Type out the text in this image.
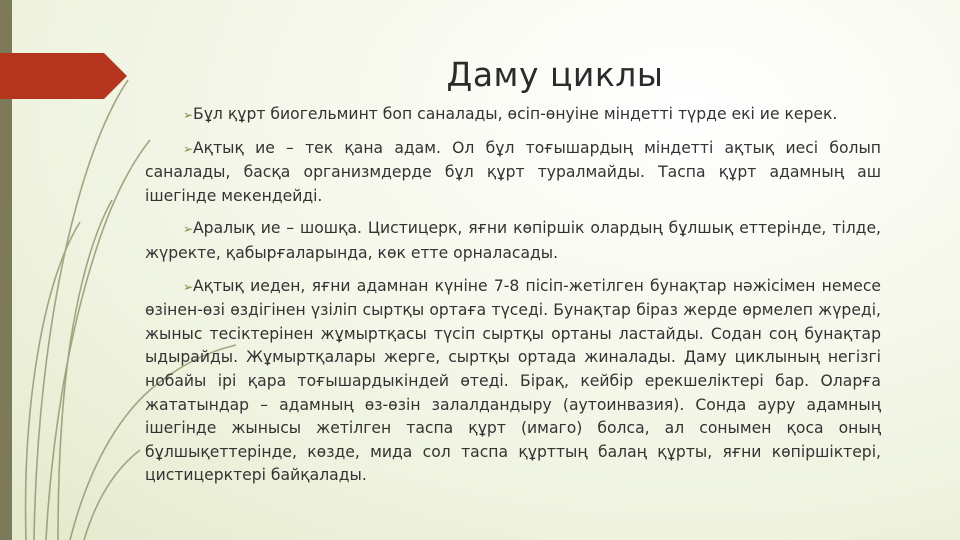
Даму циклы

➢Бұл құрт биогельминт боп саналады, өсіп-өнуіне міндетті түрде екі ие керек.

➢Ақтық ие – тек қана адам. Ол бұл тоғышардың міндетті ақтық иесі болып саналады, басқа организмдерде бұл құрт туралмайды. Таспа құрт адамның аш ішегінде мекендейді.

➢Аралық ие – шошқа. Цистицерк, яғни көпіршік олардың бұлшық еттерінде, тілде, жүректе, қабырғаларында, көк етте орналасады.

➢Ақтық иеден, яғни адамнан күніне 7-8 пісіп-жетілген бунақтар нәжісімен немесе өзінен-өзі өздігінен үзіліп сыртқы ортаға түседі. Бунақтар біраз жерде өрмелеп жүреді, жыныс тесіктерінен жұмыртқасы түсіп сыртқы ортаны ластайды. Содан соң бунақтар ыдырайды. Жұмыртқалары жерге, сыртқы ортада жиналады. Даму циклының негізгі нобайы ірі қара тоғышардыкіндей өтеді. Бірақ, кейбір ерекшеліктері бар. Оларға жататындар – адамның өз-өзін залалдандыру (аутоинвазия). Сонда ауру адамның ішегінде жынысы жетілген таспа құрт (имаго) болса, ал сонымен қоса оның бұлшықеттерінде, көзде, мида сол таспа құрттың балаң құрты, яғни көпіршіктері, цистицерктері байқалады.
